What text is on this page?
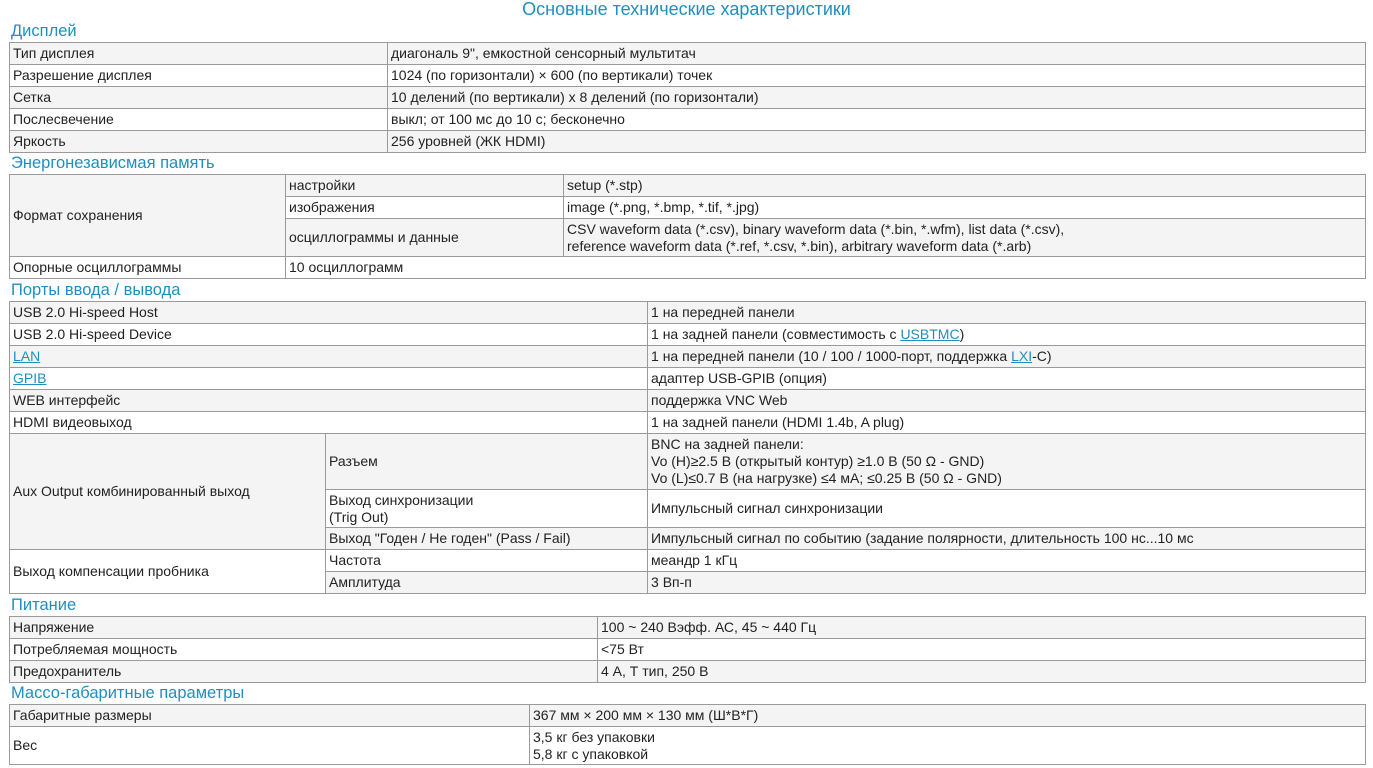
Основные технические характеристики
Дисплей
Тип дисплея	диагональ 9", емкостной сенсорный мультитач
Разрешение дисплея	1024 (по горизонтали) × 600 (по вертикали) точек
Сетка	10 делений (по вертикали) х 8 делений (по горизонтали)
Послесвечение	выкл; от 100 мс до 10 с; бесконечно
Яркость	256 уровней (ЖК HDMI)
Энергонезависмая память
Формат сохранения	настройки	setup (*.stp)
	изображения	image (*.png, *.bmp, *.tif, *.jpg)
	осциллограммы и данные	CSV waveform data (*.csv), binary waveform data (*.bin, *.wfm), list data (*.csv),
reference waveform data (*.ref, *.csv, *.bin), arbitrary waveform data (*.arb)

Опорные осциллограммы	10 осциллограмм	
Порты ввода / вывода
USB 2.0 Hi-speed Host		1 на передней панели
USB 2.0 Hi-speed Device		1 на задней панели (совместимость с USBTMC)
LAN		1 на передней панели (10 / 100 / 1000-порт, поддержка LXI-C)
GPIB		адаптер USB-GPIB (опция)
WEB интерфейс		поддержка VNC Web
HDMI видеовыход		1 на задней панели (HDMI 1.4b, A plug)
Aux Output комбинированный выход	Разъем	BNC на задней панели:
Vo (H)≥2.5 В (открытый контур) ≥1.0 В (50 Ω - GND)
Vo (L)≤0.7 В (на нагрузке) ≤4 мА; ≤0.25 В (50 Ω - GND)

	Выход синхронизации
(Trig Out)	Импульсный сигнал синхронизации
	Выход "Годен / Не годен" (Pass / Fail)	Импульсный сигнал по событию (задание полярности, длительность 100 нс...10 мс
Выход компенсации пробника	Частота	меандр 1 кГц
	Амплитуда	3 Вп-п
Питание
Напряжение	100 ~ 240 Вэфф. АС, 45 ~ 440 Гц
Потребляемая мощность	<75 Вт
Предохранитель	4 А, Т тип, 250 В
Массо-габаритные параметры
Габаритные размеры	367 мм × 200 мм × 130 мм (Ш*В*Г)
Вес	3,5 кг без упаковки
5,8 кг с упаковкой
